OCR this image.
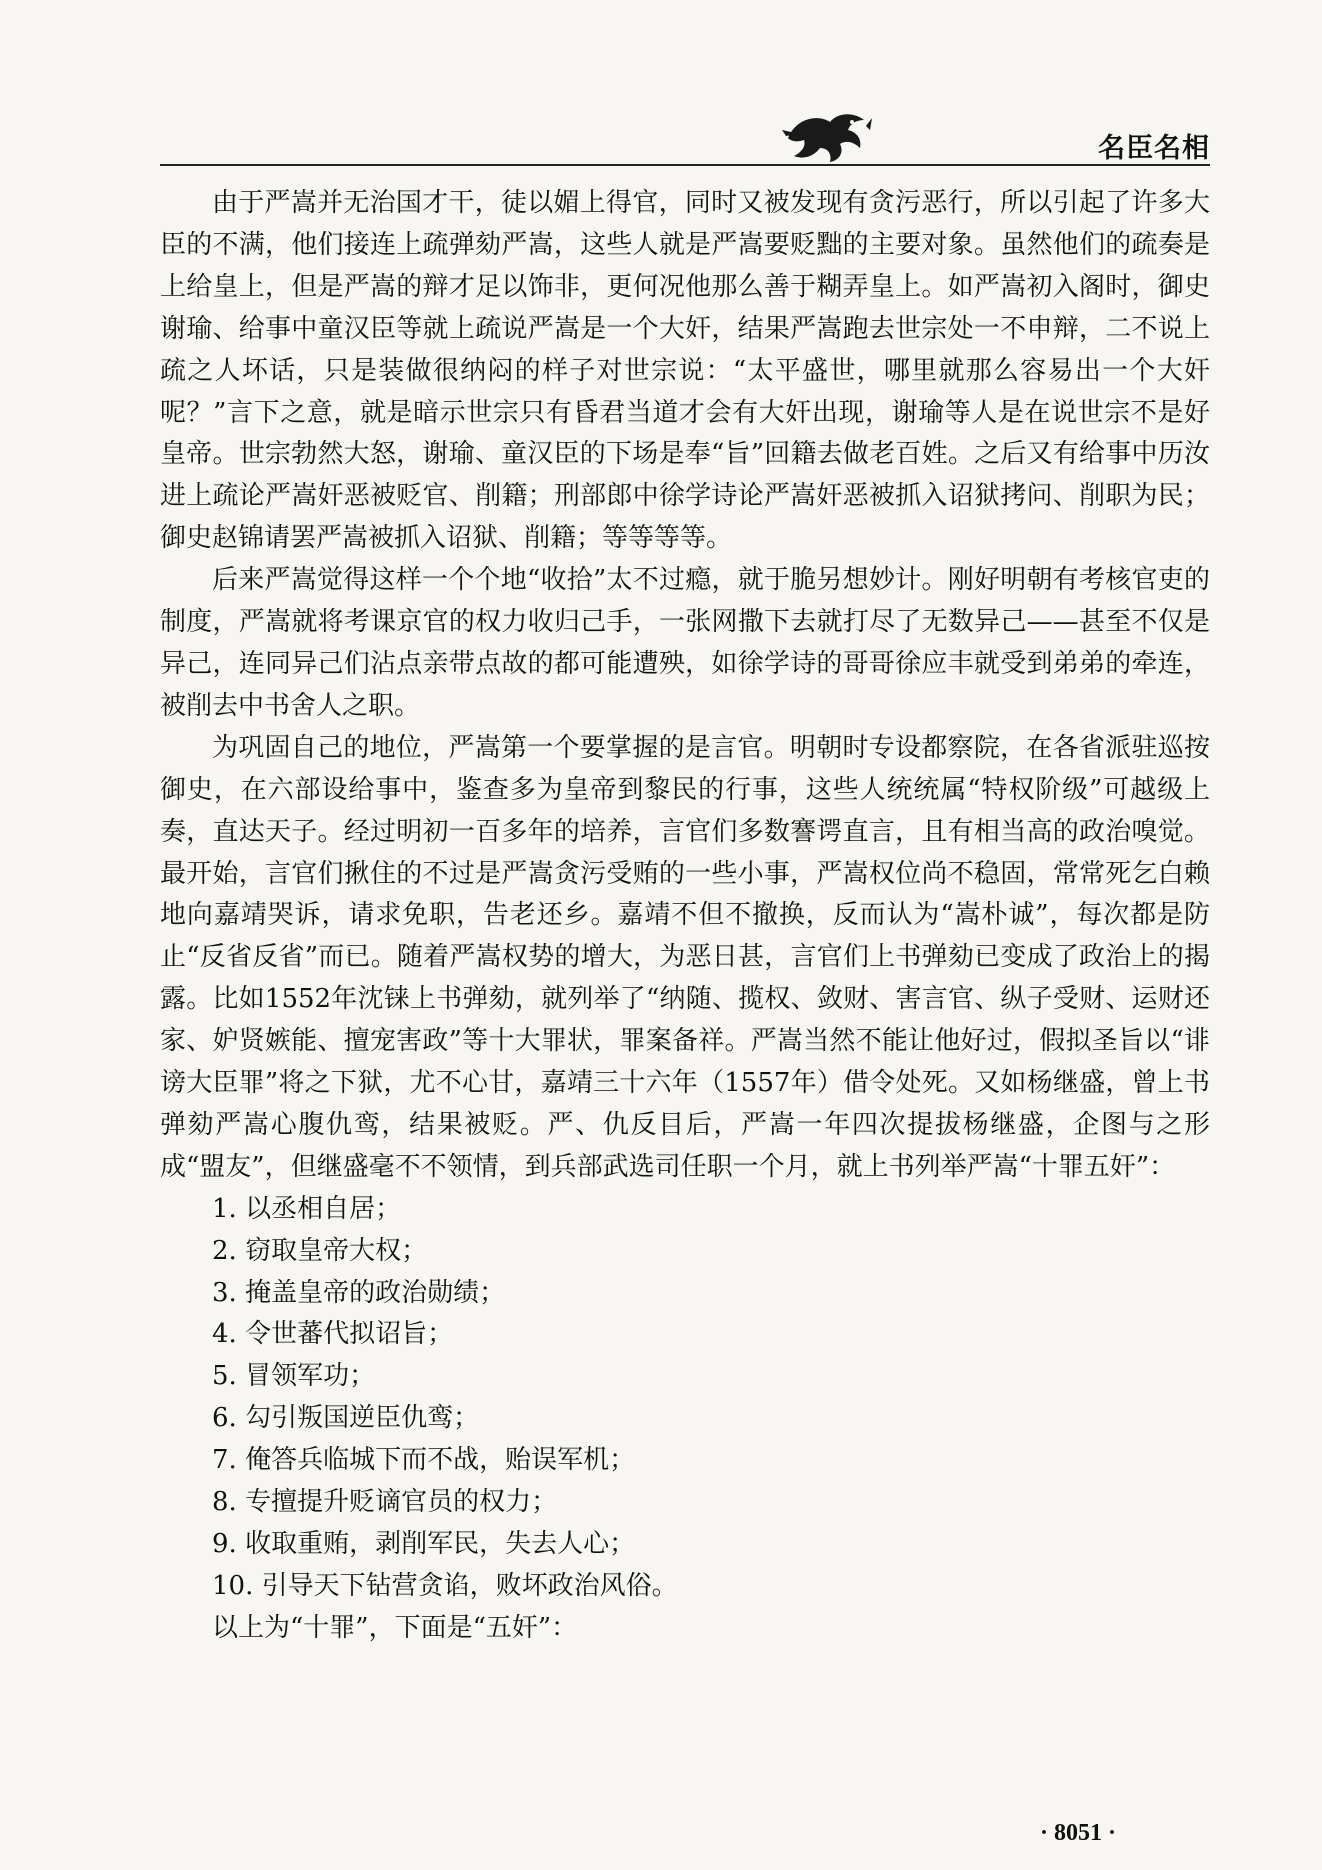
名臣名相

由于严嵩并无治国才干，徒以媚上得官，同时又被发现有贪污恶行，所以引起了许多大臣的不满，他们接连上疏弹劾严嵩，这些人就是严嵩要贬黜的主要对象。虽然他们的疏奏是上给皇上，但是严嵩的辩才足以饰非，更何况他那么善于糊弄皇上。如严嵩初入阁时，御史谢瑜、给事中童汉臣等就上疏说严嵩是一个大奸，结果严嵩跑去世宗处一不申辩，二不说上疏之人坏话，只是装做很纳闷的样子对世宗说：“太平盛世，哪里就那么容易出一个大奸呢？”言下之意，就是暗示世宗只有昏君当道才会有大奸出现，谢瑜等人是在说世宗不是好皇帝。世宗勃然大怒，谢瑜、童汉臣的下场是奉“旨”回籍去做老百姓。之后又有给事中历汝进上疏论严嵩奸恶被贬官、削籍；刑部郎中徐学诗论严嵩奸恶被抓入诏狱拷问、削职为民；御史赵锦请罢严嵩被抓入诏狱、削籍；等等等等。

后来严嵩觉得这样一个个地“收拾”太不过瘾，就于脆另想妙计。刚好明朝有考核官吏的制度，严嵩就将考课京官的权力收归己手，一张网撒下去就打尽了无数异己——甚至不仅是异己，连同异己们沾点亲带点故的都可能遭殃，如徐学诗的哥哥徐应丰就受到弟弟的牵连，被削去中书舍人之职。

为巩固自己的地位，严嵩第一个要掌握的是言官。明朝时专设都察院，在各省派驻巡按御史，在六部设给事中，鉴查多为皇帝到黎民的行事，这些人统统属“特权阶级”可越级上奏，直达天子。经过明初一百多年的培养，言官们多数謇谔直言，且有相当高的政治嗅觉。最开始，言官们揪住的不过是严嵩贪污受贿的一些小事，严嵩权位尚不稳固，常常死乞白赖地向嘉靖哭诉，请求免职，告老还乡。嘉靖不但不撤换，反而认为“嵩朴诚”，每次都是防止“反省反省”而已。随着严嵩权势的增大，为恶日甚，言官们上书弹劾已变成了政治上的揭露。比如1552年沈铼上书弹劾，就列举了“纳随、揽权、敛财、害言官、纵子受财、运财还家、妒贤嫉能、擅宠害政”等十大罪状，罪案备祥。严嵩当然不能让他好过，假拟圣旨以“诽谤大臣罪”将之下狱，尤不心甘，嘉靖三十六年（1557年）借令处死。又如杨继盛，曾上书弹劾严嵩心腹仇鸾，结果被贬。严、仇反目后，严嵩一年四次提拔杨继盛，企图与之形成“盟友”，但继盛毫不不领情，到兵部武选司任职一个月，就上书列举严嵩“十罪五奸”：

1. 以丞相自居；
2. 窃取皇帝大权；
3. 掩盖皇帝的政治勋绩；
4. 令世蕃代拟诏旨；
5. 冒领军功；
6. 勾引叛国逆臣仇鸾；
7. 俺答兵临城下而不战，贻误军机；
8. 专擅提升贬谪官员的权力；
9. 收取重贿，剥削军民，失去人心；
10. 引导天下钻营贪谄，败坏政治风俗。

以上为“十罪”，下面是“五奸”：

· 8051 ·
